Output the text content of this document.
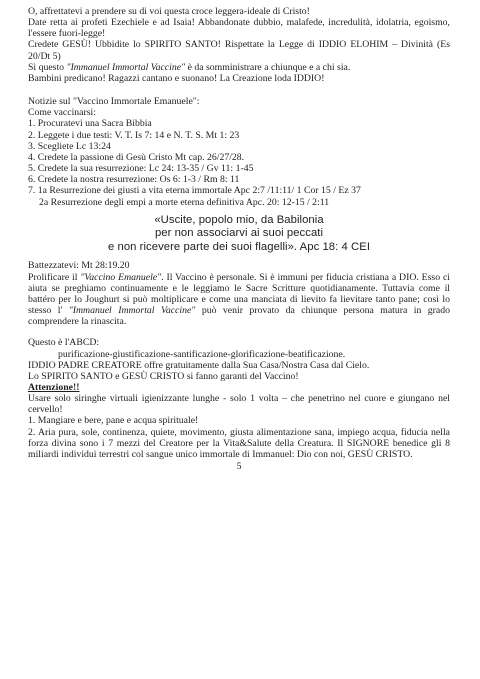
O, affrettatevi a prendere su di voi questa croce leggera-ideale di Cristo!

Date retta ai profeti Ezechiele e ad Isaia! Abbandonate dubbio, malafede, incredulità, idolatria, egoismo, l'essere fuori-legge!

Credete GESÙ! Ubbidite lo SPIRITO SANTO! Rispettate la Legge di IDDIO ELOHIM – Divinità (Es 20/Dt 5)

Sì questo "Immanuel Immortal Vaccine" è da somministrare a chiunque e a chi sia.

Bambini predicano! Ragazzi cantano e suonano! La Creazione loda IDDIO!

Notizie sul "Vaccino Immortale Emanuele":

Come vaccinarsi:

1. Procuratevi una Sacra Bibbia

2. Leggete i due testi: V. T. Is 7: 14 e N. T. S. Mt 1: 23

3. Scegliete Lc 13:24

4. Credete la passione di Gesù Cristo Mt cap. 26/27/28.

5. Credete la sua resurrezione: Lc 24: 13-35 / Gv 11: 1-45

6. Credete la nostra resurrezione: Os 6: 1-3 / Rm 8: 11

7. 1a Resurrezione dei giusti a vita eterna immortale Apc 2:7 /11:11/ 1 Cor 15 / Ez 37

2a Resurrezione degli empi a morte eterna definitiva Apc. 20: 12-15 / 2:11

«Uscite, popolo mio, da Babilonia
per non associarvi ai suoi peccati
e non ricevere parte dei suoi flagelli». Apc 18: 4 CEI

Battezzatevi: Mt 28:19.20

Prolificare il "Vaccino Emanuele". Il Vaccino è personale. Si è immuni per fiducia cristiana a DIO. Esso ci aiuta se preghiamo continuamente e le leggiamo le Sacre Scritture quotidianamente. Tuttavia come il battéro per lo Joughurt si può moltiplicare e come una manciata di lievito fa lievitare tanto pane; così lo stesso l' "Immanuel Immortal Vaccine" può venir provato da chiunque persona matura in grado comprendere la rinascita.

Questo è l'ABCD:

purificazione-giustificazione-santificazione-glorificazione-beatificazione.

IDDIO PADRE CREATORE offre gratuitamente dalla Sua Casa/Nostra Casa dal Cielo.

Lo SPIRITO SANTO e GESÙ CRISTO si fanno garanti del Vaccino!

Attenzione!!

Usare solo siringhe virtuali igienizzante lunghe - solo 1 volta – che penetrino nel cuore e giungano nel cervello!

1. Mangiare e bere, pane e acqua spirituale!

2. Aria pura, sole, continenza, quiete, movimento, giusta alimentazione sana, impiego acqua, fiducia nella forza divina sono i 7 mezzi del Creatore per la Vita&Salute della Creatura. Il SIGNORE benedice gli 8 miliardi individui terrestri col sangue unico immortale di Immanuel: Dio con noi, GESÙ CRISTO.

5
